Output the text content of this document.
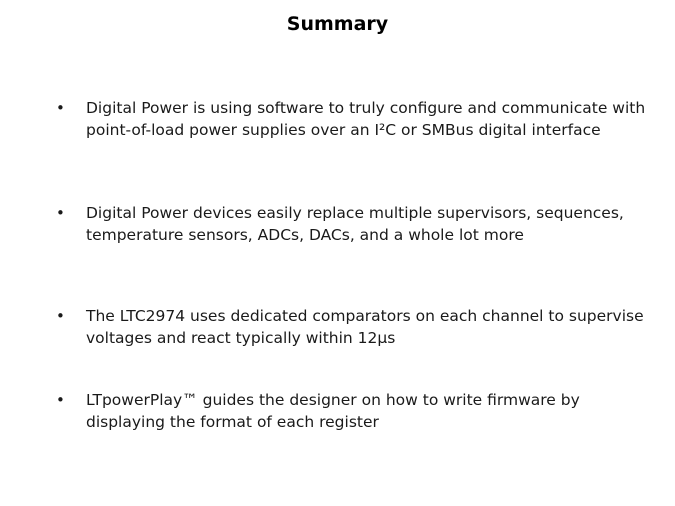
Summary
• Digital Power is using software to truly configure and communicate with point-of-load power supplies over an I²C or SMBus digital interface
• Digital Power devices easily replace multiple supervisors, sequences, temperature sensors, ADCs, DACs, and a whole lot more
• The LTC2974 uses dedicated comparators on each channel to supervise voltages and react typically within 12µs
• LTpowerPlay™ guides the designer on how to write firmware by displaying the format of each register
